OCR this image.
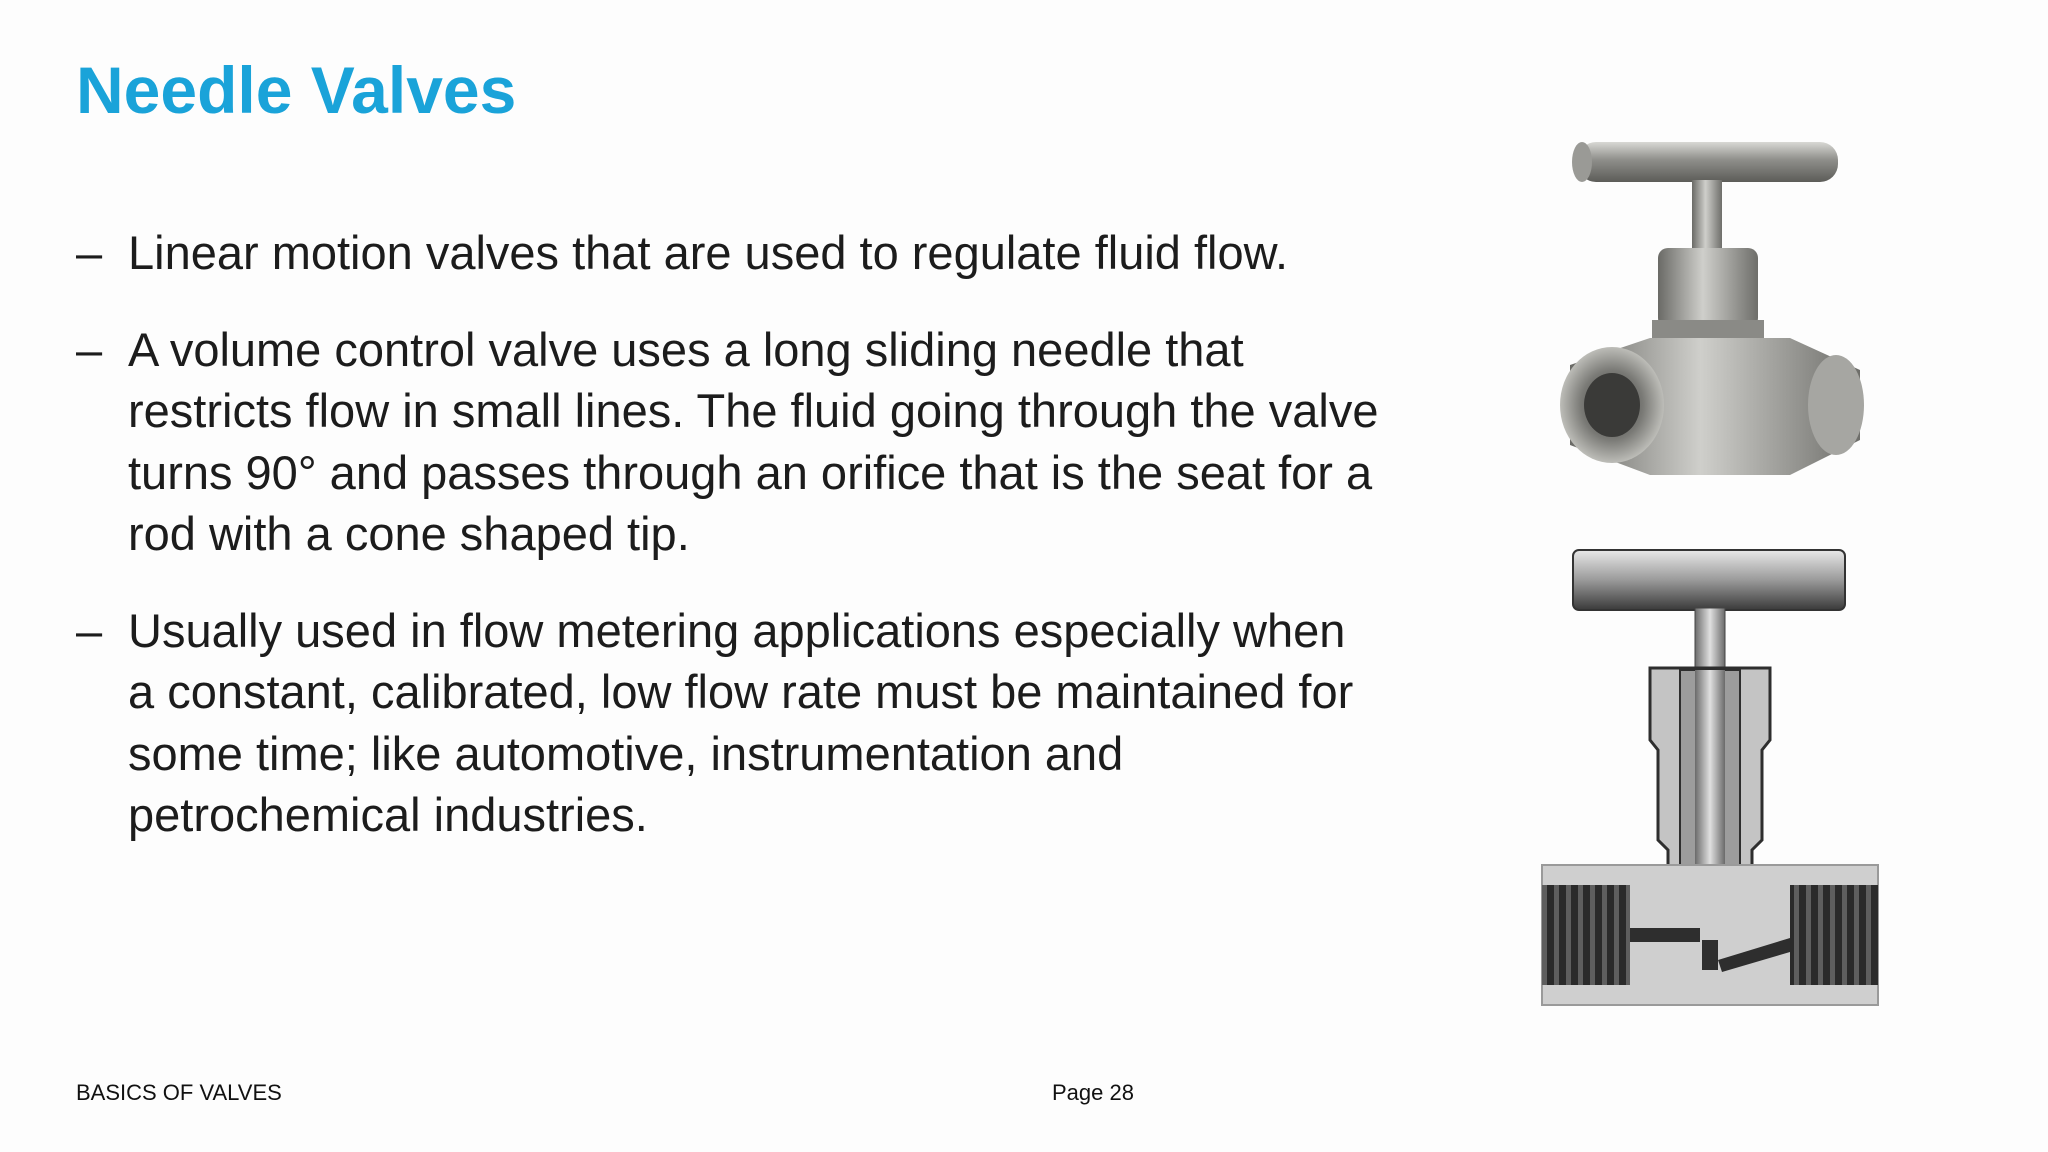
Needle Valves
– Linear motion valves that are used to regulate fluid flow.
– A volume control valve uses a long sliding needle that restricts flow in small lines. The fluid going through the valve turns 90° and passes through an orifice that is the seat for a rod with a cone shaped tip.
– Usually used in flow metering applications especially when a constant, calibrated, low flow rate must be maintained for some time; like automotive, instrumentation and petrochemical industries.
BASICS OF VALVES	Page 28
